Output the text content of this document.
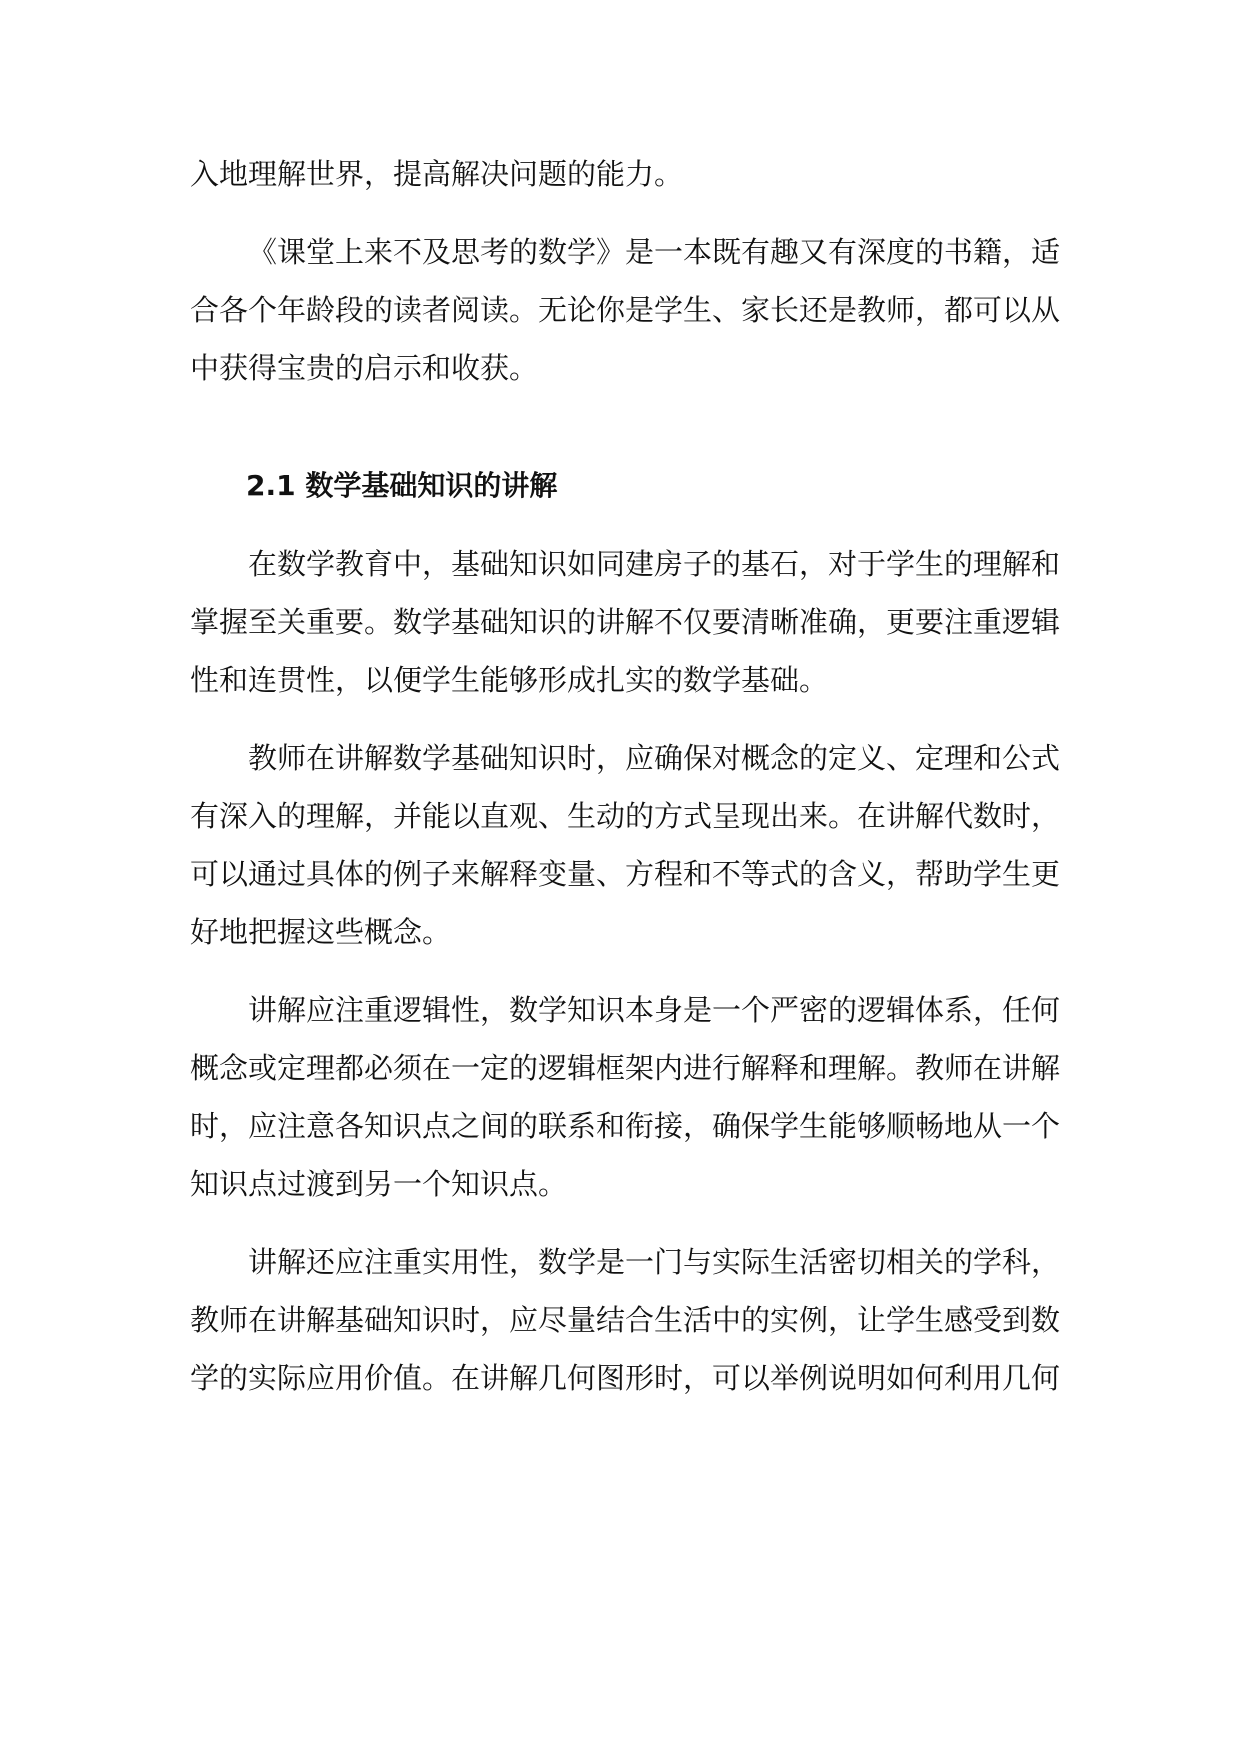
入地理解世界，提高解决问题的能力。
《课堂上来不及思考的数学》是一本既有趣又有深度的书籍，适
合各个年龄段的读者阅读。无论你是学生、家长还是教师，都可以从
中获得宝贵的启示和收获。
2.1 数学基础知识的讲解
在数学教育中，基础知识如同建房子的基石，对于学生的理解和
掌握至关重要。数学基础知识的讲解不仅要清晰准确，更要注重逻辑
性和连贯性，以便学生能够形成扎实的数学基础。
教师在讲解数学基础知识时，应确保对概念的定义、定理和公式
有深入的理解，并能以直观、生动的方式呈现出来。在讲解代数时，
可以通过具体的例子来解释变量、方程和不等式的含义，帮助学生更
好地把握这些概念。
讲解应注重逻辑性，数学知识本身是一个严密的逻辑体系，任何
概念或定理都必须在一定的逻辑框架内进行解释和理解。教师在讲解
时，应注意各知识点之间的联系和衔接，确保学生能够顺畅地从一个
知识点过渡到另一个知识点。
讲解还应注重实用性，数学是一门与实际生活密切相关的学科，
教师在讲解基础知识时，应尽量结合生活中的实例，让学生感受到数
学的实际应用价值。在讲解几何图形时，可以举例说明如何利用几何
